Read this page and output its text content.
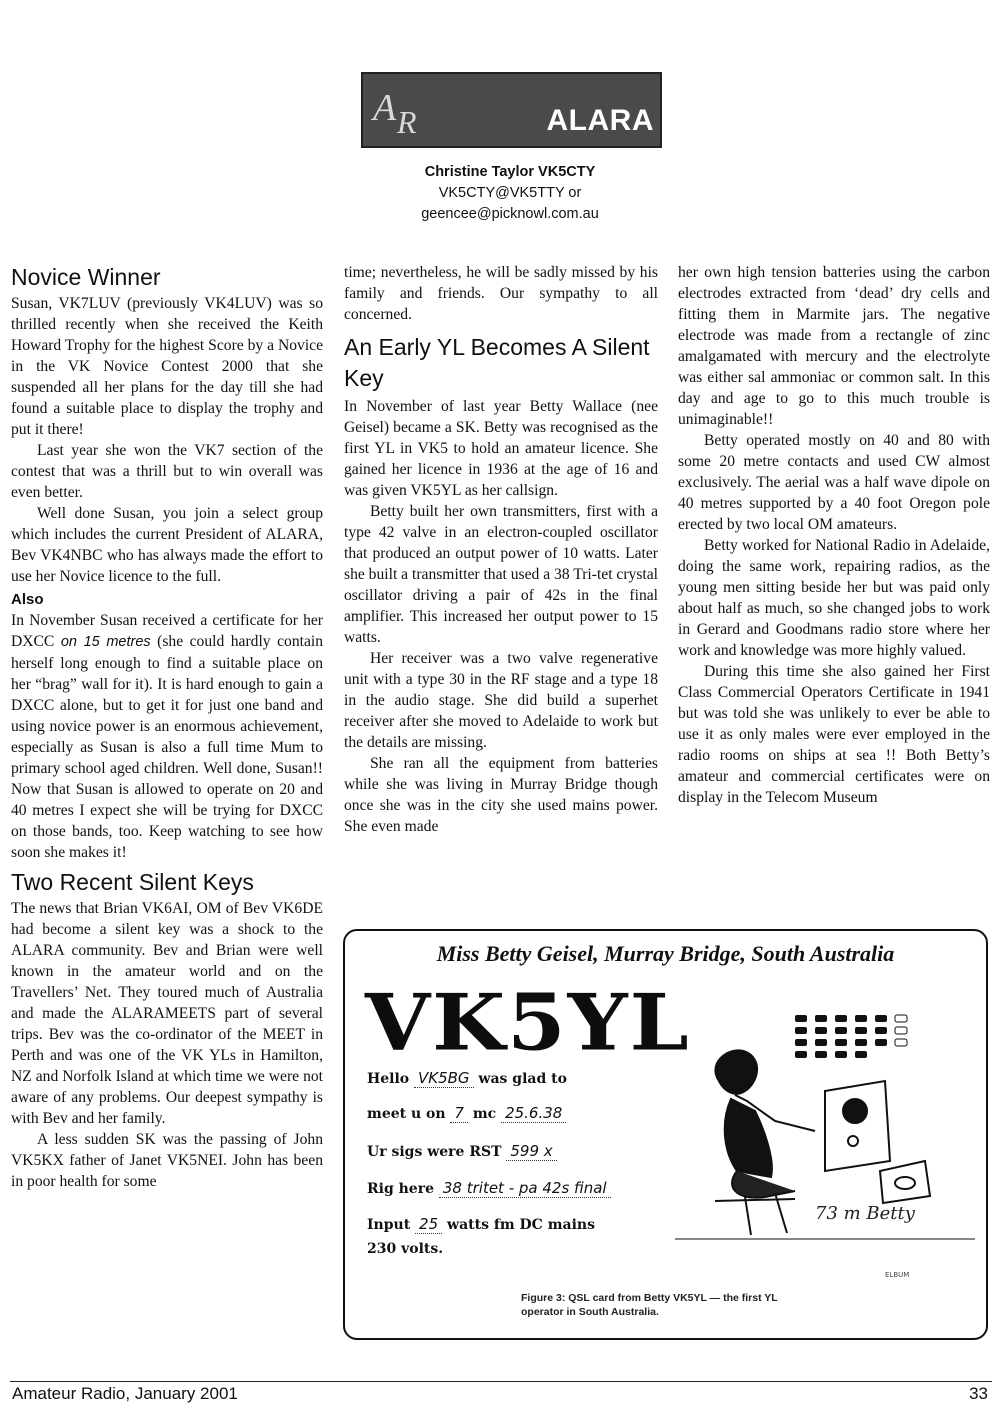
A R	ALARA
Christine Taylor VK5CTY
VK5CTY@VK5TTY or
geencee@picknowl.com.au
Novice Winner

Susan, VK7LUV (previously VK4LUV) was so thrilled recently when she received the Keith Howard Trophy for the highest Score by a Novice in the VK Novice Contest 2000 that she suspended all her plans for the day till she had found a suitable place to display the trophy and put it there!

Last year she won the VK7 section of the contest that was a thrill but to win overall was even better.

Well done Susan, you join a select group which includes the current President of ALARA, Bev VK4NBC who has always made the effort to use her Novice licence to the full.

Also

In November Susan received a certificate for her DXCC on 15 metres (she could hardly contain herself long enough to find a suitable place on her “brag” wall for it). It is hard enough to gain a DXCC alone, but to get it for just one band and using novice power is an enormous achievement, especially as Susan is also a full time Mum to primary school aged children. Well done, Susan!! Now that Susan is allowed to operate on 20 and 40 metres I expect she will be trying for DXCC on those bands, too. Keep watching to see how soon she makes it!

Two Recent Silent Keys

The news that Brian VK6AI, OM of Bev VK6DE had become a silent key was a shock to the ALARA community. Bev and Brian were well known in the amateur world and on the Travellers’ Net. They toured much of Australia and made the ALARAMEETS part of several trips. Bev was the co-ordinator of the MEET in Perth and was one of the VK YLs in Hamilton, NZ and Norfolk Island at which time we were not aware of any problems. Our deepest sympathy is with Bev and her family.

A less sudden SK was the passing of John VK5KX father of Janet VK5NEI. John has been in poor health for some

time; nevertheless, he will be sadly missed by his family and friends. Our sympathy to all concerned.

An Early YL Becomes A Silent Key

In November of last year Betty Wallace (nee Geisel) became a SK. Betty was recognised as the first YL in VK5 to hold an amateur licence. She gained her licence in 1936 at the age of 16 and was given VK5YL as her callsign.

Betty built her own transmitters, first with a type 42 valve in an electron-coupled oscillator that produced an output power of 10 watts. Later she built a transmitter that used a 38 Tri-tet crystal oscillator driving a pair of 42s in the final amplifier. This increased her output power to 15 watts.

Her receiver was a two valve regenerative unit with a type 30 in the RF stage and a type 18 in the audio stage. She did build a superhet receiver after she moved to Adelaide to work but the details are missing.

She ran all the equipment from batteries while she was living in Murray Bridge though once she was in the city she used mains power. She even made

her own high tension batteries using the carbon electrodes extracted from ‘dead’ dry cells and fitting them in Marmite jars. The negative electrode was made from a rectangle of zinc amalgamated with mercury and the electrolyte was either sal ammoniac or common salt. In this day and age to go to this much trouble is unimaginable!!

Betty operated mostly on 40 and 80 with some 20 metre contacts and used CW almost exclusively. The aerial was a half wave dipole on 40 metres supported by a 40 foot Oregon pole erected by two local OM amateurs.

Betty worked for National Radio in Adelaide, doing the same work, repairing radios, as the young men sitting beside her but was paid only about half as much, so she changed jobs to work in Gerard and Goodmans radio store where her work and knowledge was more highly valued.

During this time she also gained her First Class Commercial Operators Certificate in 1941 but was told she was unlikely to ever be able to use it as only males were ever employed in the radio rooms on ships at sea !! Both Betty’s amateur and commercial certificates were on display in the Telecom Museum

Miss Betty Geisel, Murray Bridge, South Australia
VK5YL
Hello VK5BG was glad to
meet u on 7 mc 25.6.38
Ur sigs were RST 599 x
Rig here 38 tritet - pa 42s final
Input 25 watts fm DC mains
230 volts.
73 m Betty
ELBUM
Figure 3: QSL card from Betty VK5YL — the first YL operator in South Australia.
Amateur Radio, January 2001	33
